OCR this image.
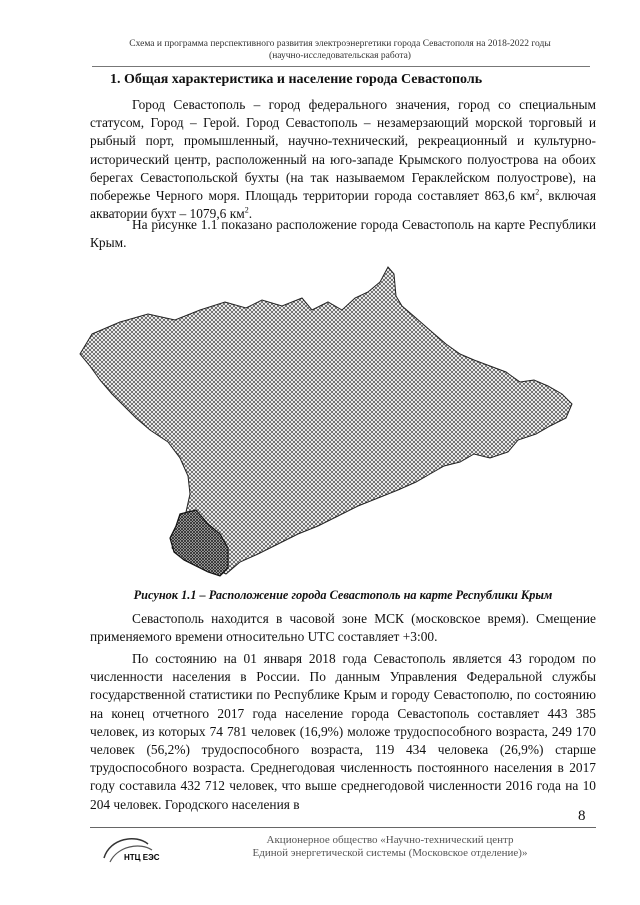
Схема и программа перспективного развития электроэнергетики города Севастополя на 2018-2022 годы
(научно-исследовательская работа)
1. Общая характеристика и население города Севастополь
Город Севастополь – город федерального значения, город со специальным статусом, Город – Герой. Город Севастополь – незамерзающий морской торговый и рыбный порт, промышленный, научно-технический, рекреационный и культурно-исторический центр, расположенный на юго-западе Крымского полуострова на обоих берегах Севастопольской бухты (на так называемом Гераклейском полуострове), на побережье Черного моря. Площадь территории города составляет 863,6 $км^2$, включая акватории бухт – 1079,6 $км^2$.
На рисунке 1.1 показано расположение города Севастополь на карте Республики Крым.
Рисунок 1.1 – Расположение города Севастополь на карте Республики Крым
Севастополь находится в часовой зоне МСК (московское время). Смещение применяемого времени относительно UTC составляет +3:00.
По состоянию на 01 января 2018 года Севастополь является 43 городом по численности населения в России. По данным Управления Федеральной службы государственной статистики по Республике Крым и городу Севастополю, по состоянию на конец отчетного 2017 года население города Севастополь составляет 443 385 человек, из которых 74 781 человек (16,9%) моложе трудоспособного возраста, 249 170 человек (56,2%) трудоспособного возраста, 119 434 человека (26,9%) старше трудоспособного возраста. Среднегодовая численность постоянного населения в 2017 году составила 432 712 человек, что выше среднегодовой численности 2016 года на 10 204 человек. Городского населения в
8
НТЦ ЕЭС
Акционерное общество «Научно-технический центр
Единой энергетической системы (Московское отделение)»
